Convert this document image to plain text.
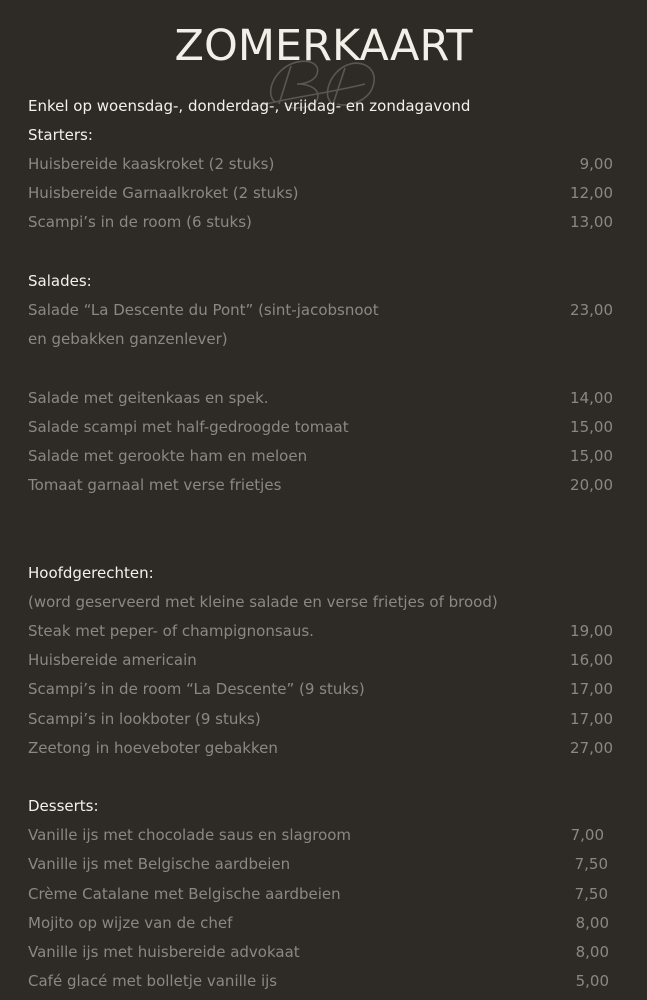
ZOMERKAART
Enkel op woensdag-, donderdag-, vrijdag- en zondagavond
Starters:
Huisbereide kaaskroket (2 stuks)	9,00
Huisbereide Garnaalkroket (2 stuks)	12,00
Scampi’s in de room (6 stuks)	13,00
Salades:
Salade “La Descente du Pont” (sint-jacobsnoot	23,00
en gebakken ganzenlever)
Salade met geitenkaas en spek.	14,00
Salade scampi met half-gedroogde tomaat	15,00
Salade met gerookte ham en meloen	15,00
Tomaat garnaal met verse frietjes	20,00
Hoofdgerechten:
(word geserveerd met kleine salade en verse frietjes of brood)
Steak met peper- of champignonsaus.	19,00
Huisbereide americain	16,00
Scampi’s in de room “La Descente” (9 stuks)	17,00
Scampi’s in lookboter (9 stuks)	17,00
Zeetong in hoeveboter gebakken	27,00
Desserts:
Vanille ijs met chocolade saus en slagroom	7,00
Vanille ijs met Belgische aardbeien	7,50
Crème Catalane met Belgische aardbeien	7,50
Mojito op wijze van de chef	8,00
Vanille ijs met huisbereide advokaat	8,00
Café glacé met bolletje vanille ijs	5,00
